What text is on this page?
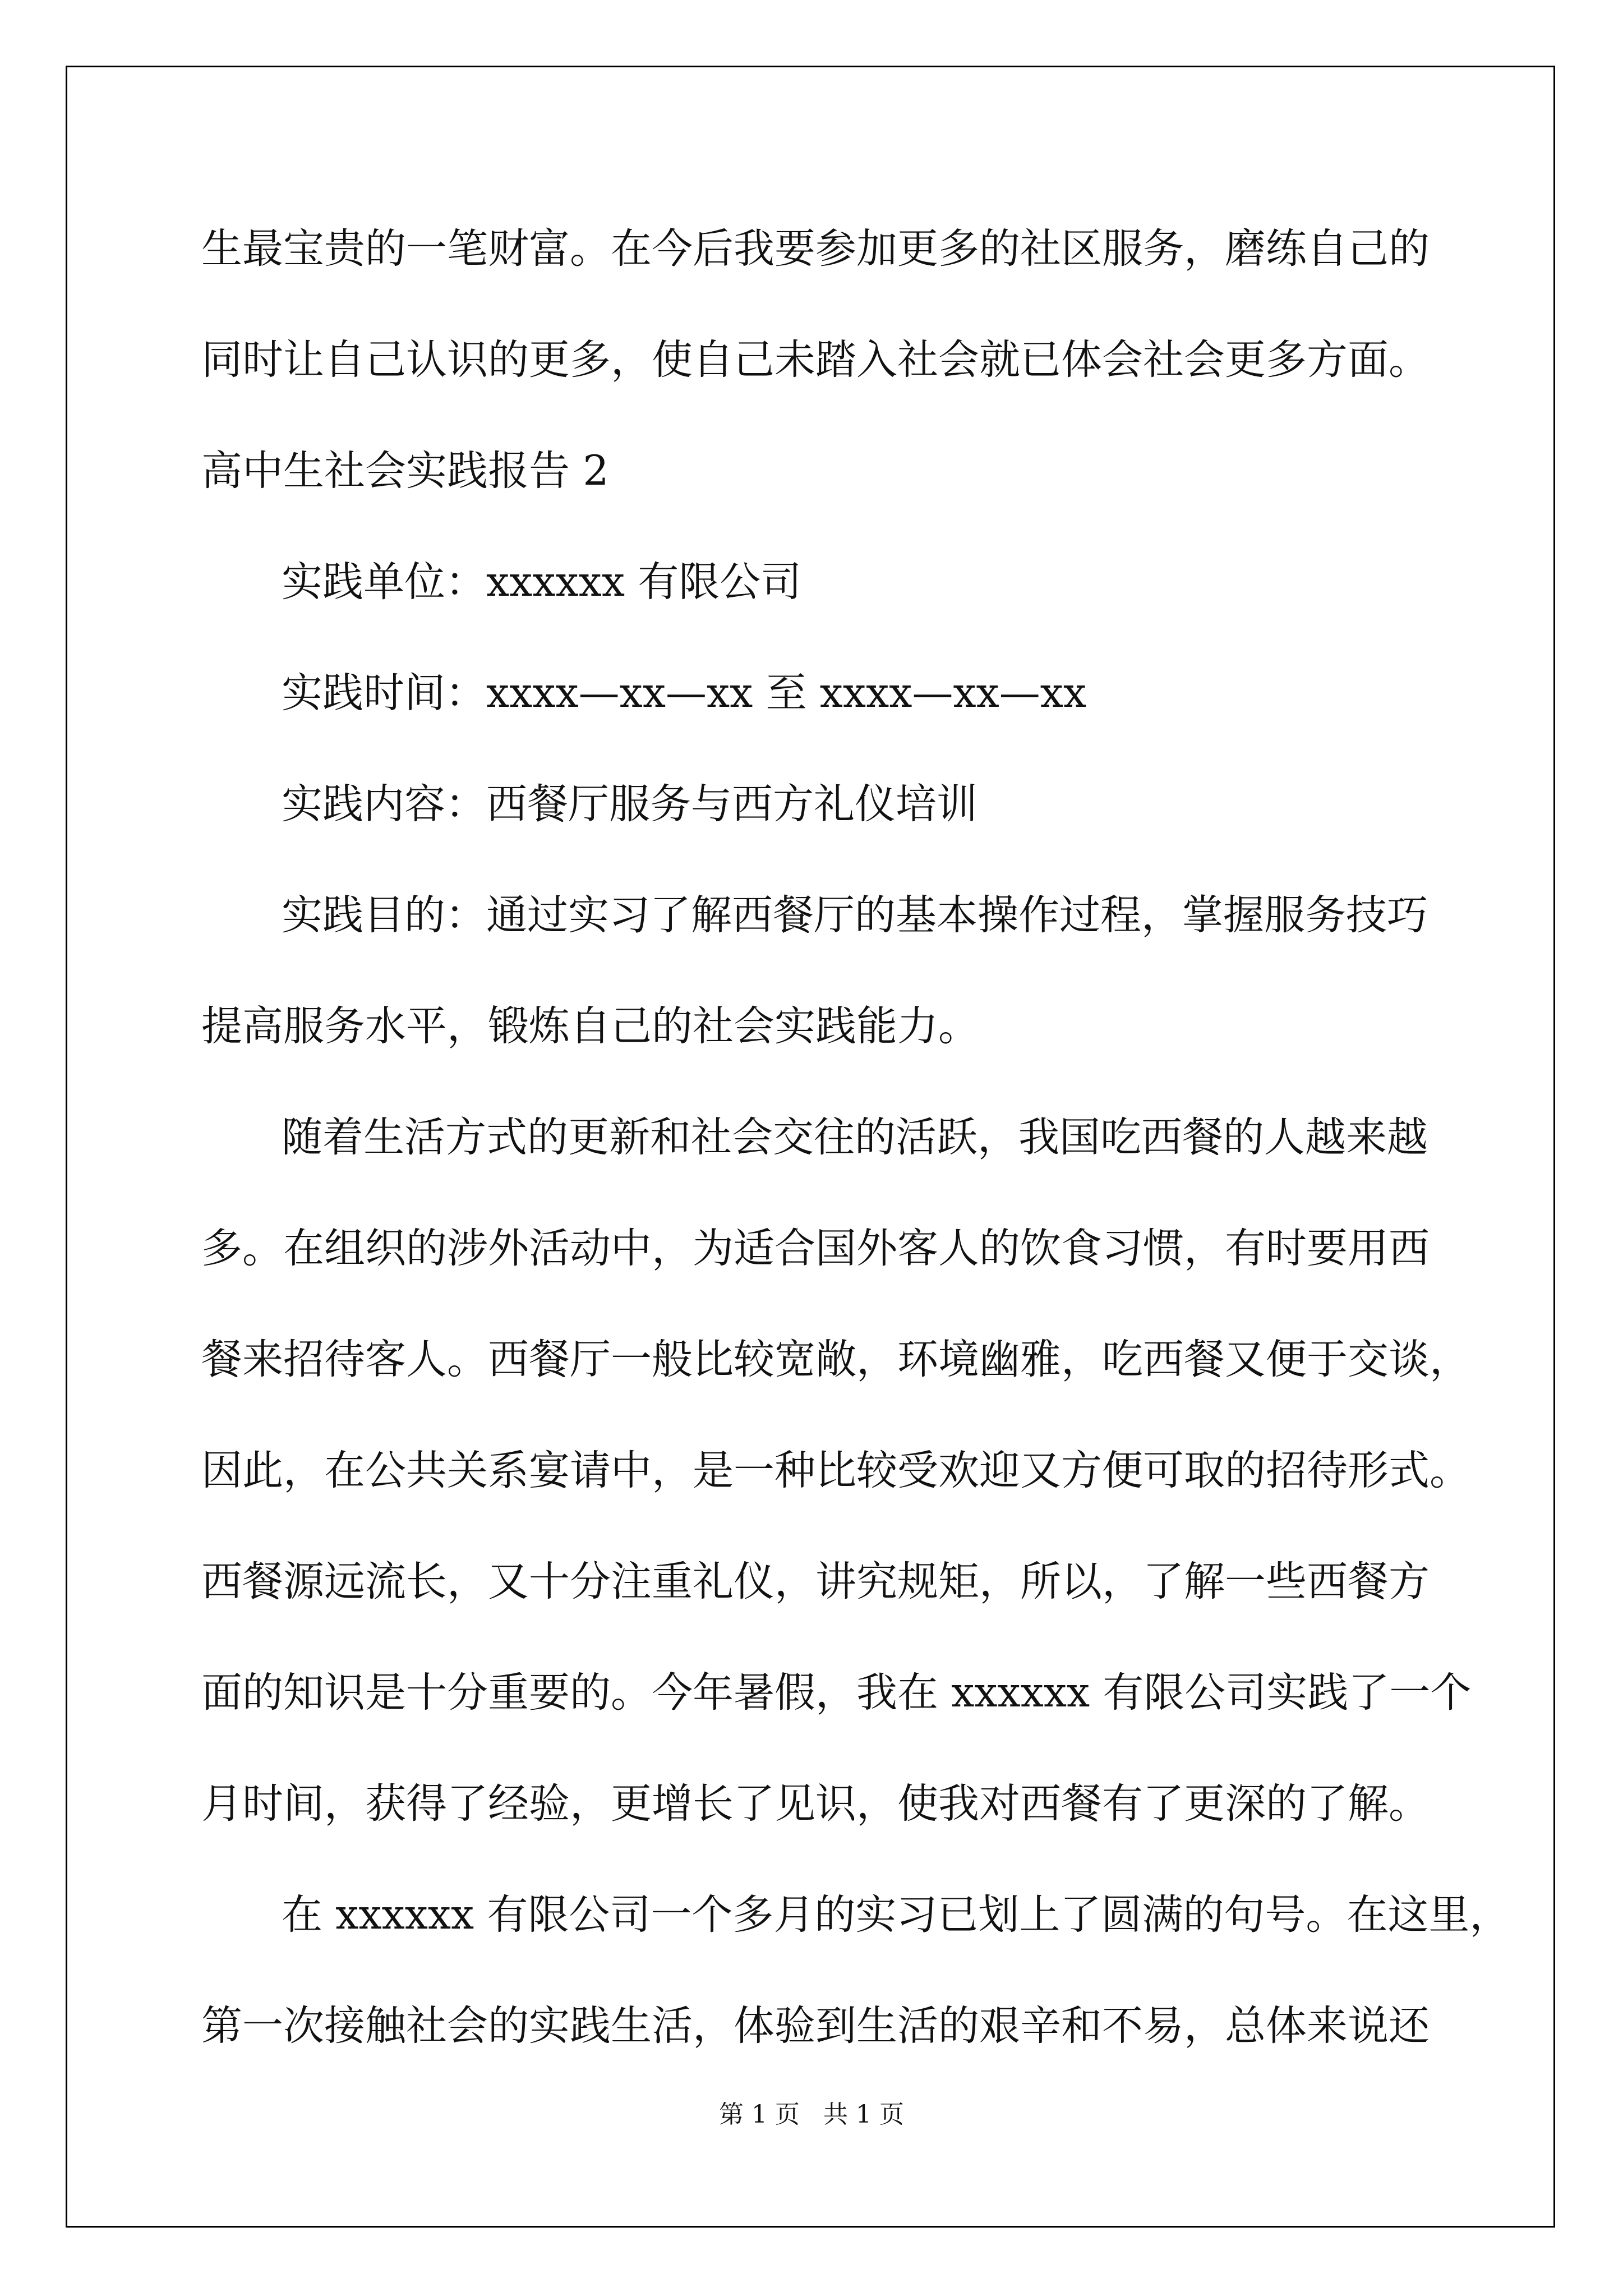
生最宝贵的一笔财富。在今后我要参加更多的社区服务，磨练自己的
同时让自己认识的更多，使自己未踏入社会就已体会社会更多方面。
高中生社会实践报告 2
实践单位：xxxxxx 有限公司
实践时间：xxxx—xx—xx 至 xxxx—xx—xx
实践内容：西餐厅服务与西方礼仪培训
实践目的：通过实习了解西餐厅的基本操作过程，掌握服务技巧
提高服务水平，锻炼自己的社会实践能力。
随着生活方式的更新和社会交往的活跃，我国吃西餐的人越来越
多。在组织的涉外活动中，为适合国外客人的饮食习惯，有时要用西
餐来招待客人。西餐厅一般比较宽敞，环境幽雅，吃西餐又便于交谈，
因此，在公共关系宴请中，是一种比较受欢迎又方便可取的招待形式。
西餐源远流长，又十分注重礼仪，讲究规矩，所以，了解一些西餐方
面的知识是十分重要的。今年暑假，我在 xxxxxx 有限公司实践了一个
月时间，获得了经验，更增长了见识，使我对西餐有了更深的了解。
在 xxxxxx 有限公司一个多月的实习已划上了圆满的句号。在这里，
第一次接触社会的实践生活，体验到生活的艰辛和不易，总体来说还
第 1 页   共 1 页
